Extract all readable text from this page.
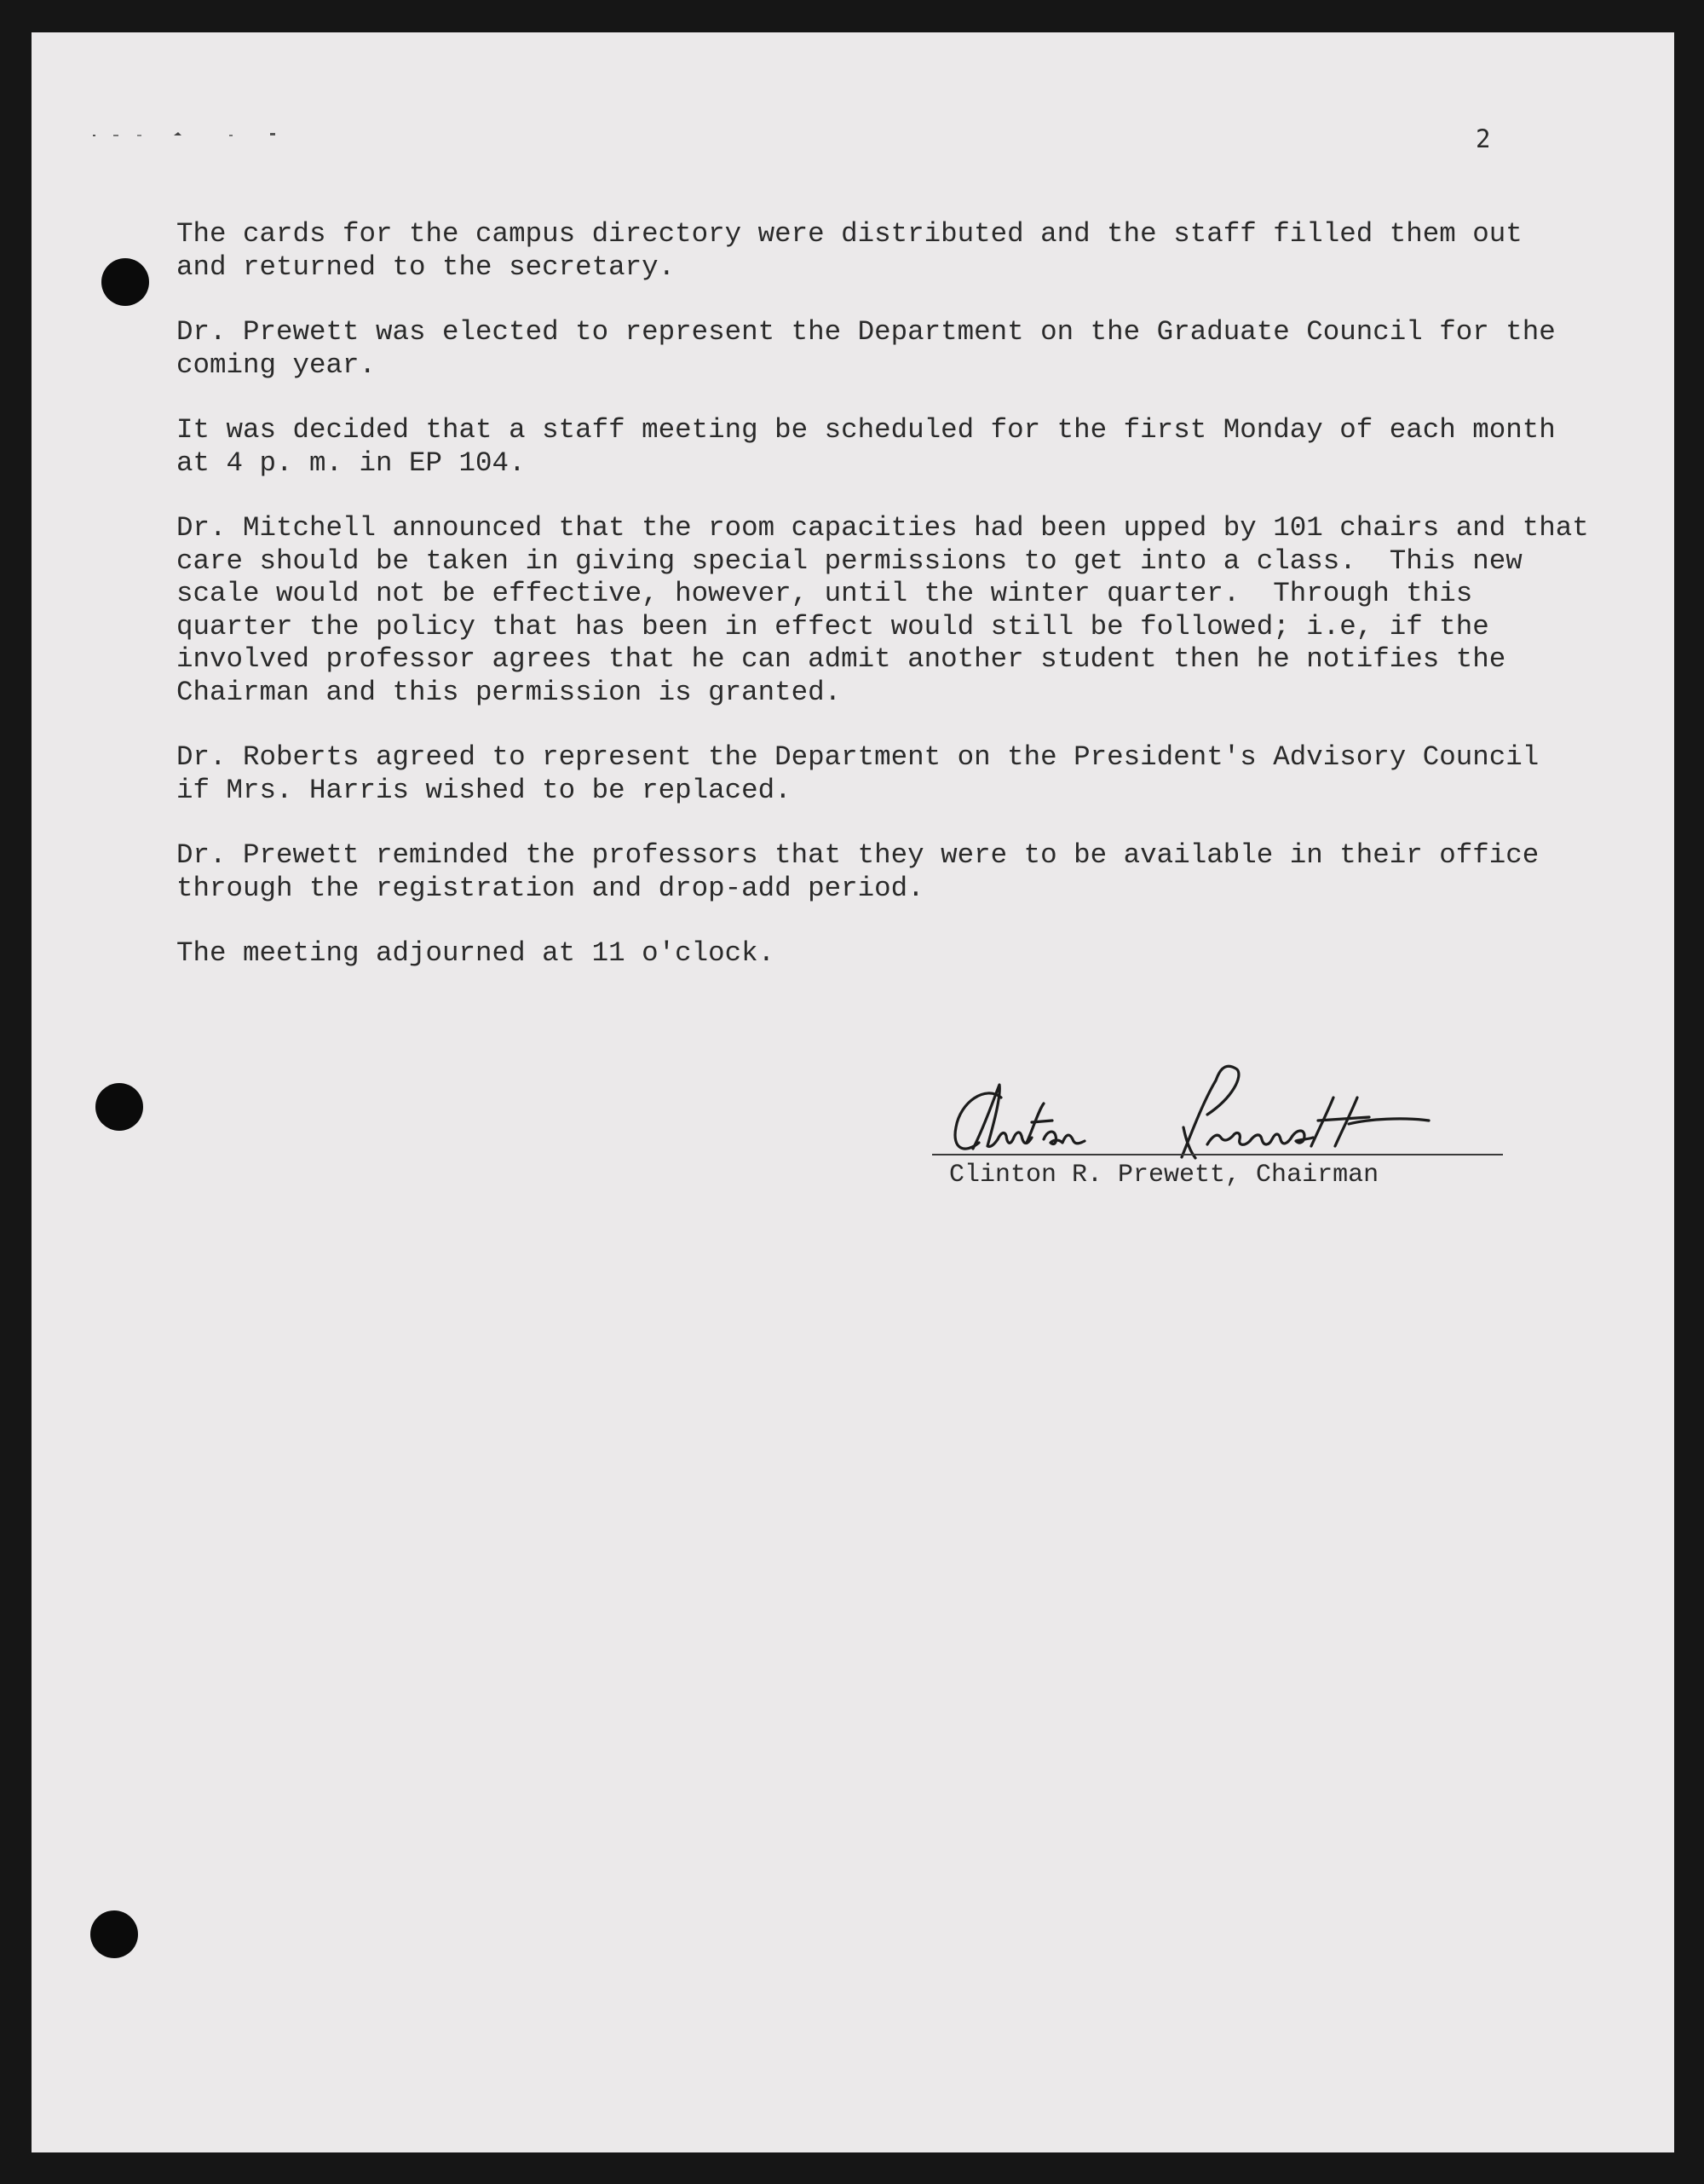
2

The cards for the campus directory were distributed and the staff filled them out
and returned to the secretary.

Dr. Prewett was elected to represent the Department on the Graduate Council for the
coming year.

It was decided that a staff meeting be scheduled for the first Monday of each month
at 4 p. m. in EP 104.

Dr. Mitchell announced that the room capacities had been upped by 101 chairs and that
care should be taken in giving special permissions to get into a class.  This new
scale would not be effective, however, until the winter quarter.  Through this
quarter the policy that has been in effect would still be followed; i.e, if the
involved professor agrees that he can admit another student then he notifies the
Chairman and this permission is granted.

Dr. Roberts agreed to represent the Department on the President's Advisory Council
if Mrs. Harris wished to be replaced.

Dr. Prewett reminded the professors that they were to be available in their office
through the registration and drop-add period.

The meeting adjourned at 11 o'clock.

Clinton R. Prewett, Chairman
